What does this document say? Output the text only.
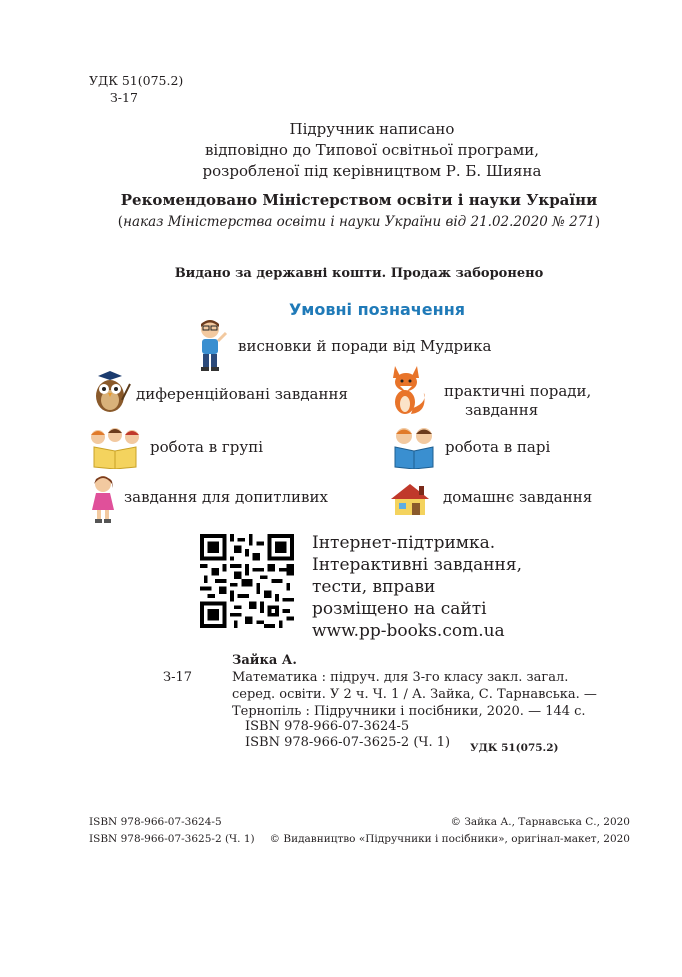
УДК 51(075.2)
З-17
Підручник написано
відповідно до Типової освітньої програми,
розробленої під керівництвом Р. Б. Шияна
Рекомендовано Міністерством освіти і науки України
(наказ Міністерства освіти і науки України від 21.02.2020 № 271)
Видано за державні кошти. Продаж заборонено
Умовні позначення
висновки й поради від Мудрика
диференційовані завдання	практичні поради,
завдання
робота в групі	робота в парі
завдання для допитливих	домашнє завдання
Інтернет-підтримка.
Інтерактивні завдання,
тести, вправи
розміщено на сайті
www.pp-books.com.ua
Зайка А.
З-17	Математика : підруч. для 3-го класу закл. загал.
серед. освіти. У 2 ч. Ч. 1 / А. Зайка, С. Тарнавська. —
Тернопіль : Підручники і посібники, 2020. — 144 с.
ISBN 978-966-07-3624-5
ISBN 978-966-07-3625-2 (Ч. 1) УДК 51(075.2)
ISBN 978-966-07-3624-5
ISBN 978-966-07-3625-2 (Ч. 1)
© Зайка А., Тарнавська С., 2020
© Видавництво «Підручники і посібники», оригінал-макет, 2020
